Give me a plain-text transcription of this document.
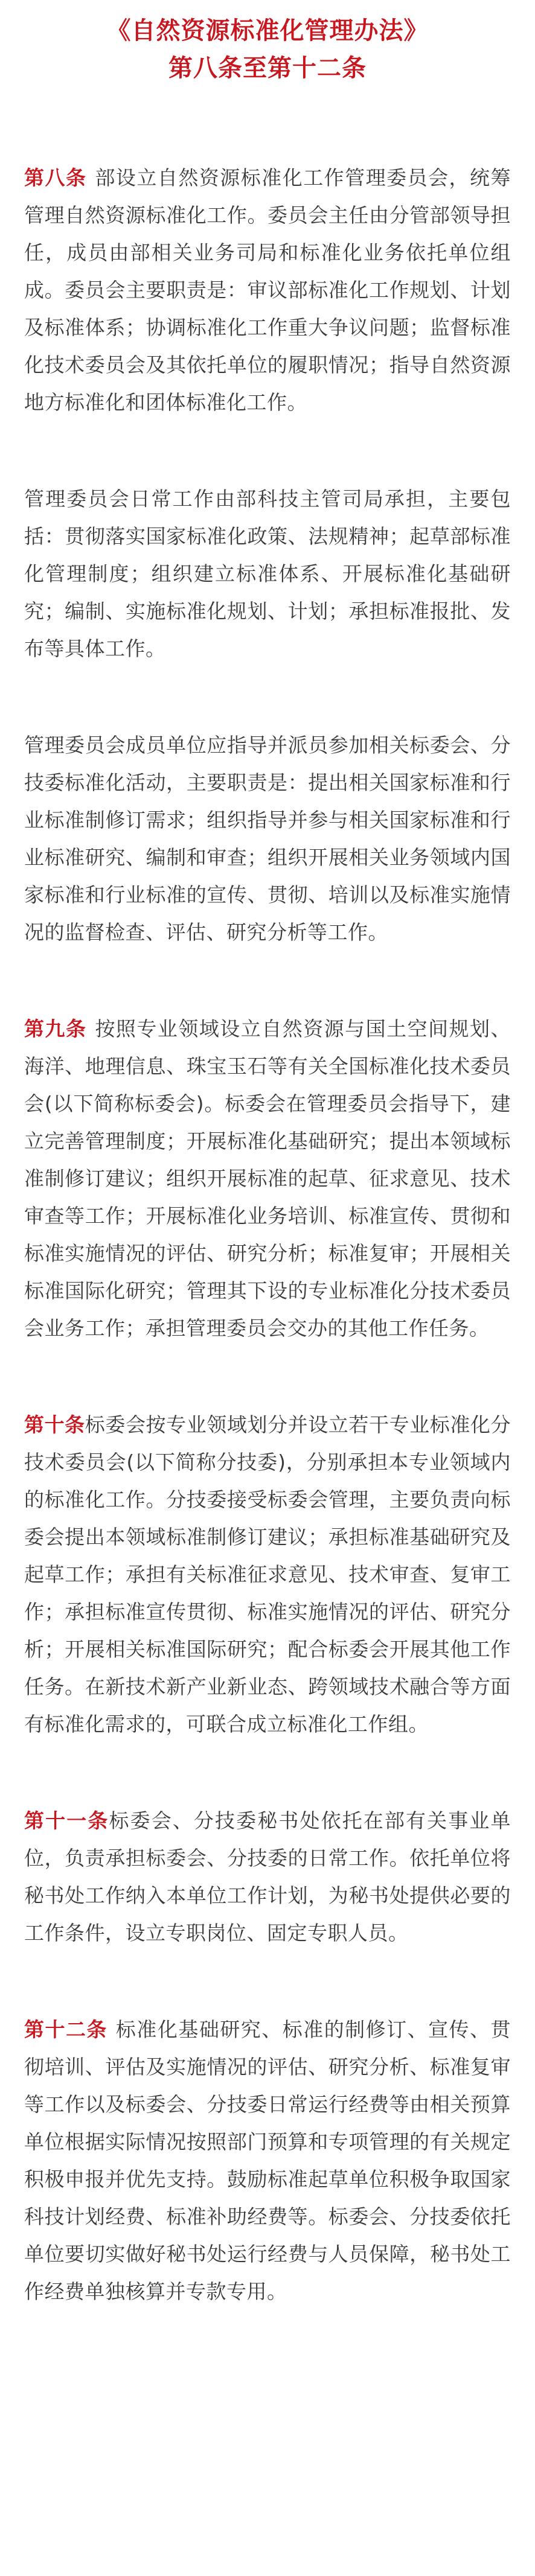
《自然资源标准化管理办法》
第八条至第十二条

第八条 部设立自然资源标准化工作管理委员会，统筹管理自然资源标准化工作。委员会主任由分管部领导担任，成员由部相关业务司局和标准化业务依托单位组成。委员会主要职责是：审议部标准化工作规划、计划及标准体系；协调标准化工作重大争议问题；监督标准化技术委员会及其依托单位的履职情况；指导自然资源地方标准化和团体标准化工作。

管理委员会日常工作由部科技主管司局承担，主要包括：贯彻落实国家标准化政策、法规精神；起草部标准化管理制度；组织建立标准体系、开展标准化基础研究；编制、实施标准化规划、计划；承担标准报批、发布等具体工作。

管理委员会成员单位应指导并派员参加相关标委会、分技委标准化活动，主要职责是：提出相关国家标准和行业标准制修订需求；组织指导并参与相关国家标准和行业标准研究、编制和审查；组织开展相关业务领域内国家标准和行业标准的宣传、贯彻、培训以及标准实施情况的监督检查、评估、研究分析等工作。

第九条 按照专业领域设立自然资源与国土空间规划、海洋、地理信息、珠宝玉石等有关全国标准化技术委员会(以下简称标委会)。标委会在管理委员会指导下，建立完善管理制度；开展标准化基础研究；提出本领域标准制修订建议；组织开展标准的起草、征求意见、技术审查等工作；开展标准化业务培训、标准宣传、贯彻和标准实施情况的评估、研究分析；标准复审；开展相关标准国际化研究；管理其下设的专业标准化分技术委员会业务工作；承担管理委员会交办的其他工作任务。

第十条标委会按专业领域划分并设立若干专业标准化分技术委员会(以下简称分技委)，分别承担本专业领域内的标准化工作。分技委接受标委会管理，主要负责向标委会提出本领域标准制修订建议；承担标准基础研究及起草工作；承担有关标准征求意见、技术审查、复审工作；承担标准宣传贯彻、标准实施情况的评估、研究分析；开展相关标准国际研究；配合标委会开展其他工作任务。在新技术新产业新业态、跨领域技术融合等方面有标准化需求的，可联合成立标准化工作组。

第十一条标委会、分技委秘书处依托在部有关事业单位，负责承担标委会、分技委的日常工作。依托单位将秘书处工作纳入本单位工作计划，为秘书处提供必要的工作条件，设立专职岗位、固定专职人员。

第十二条 标准化基础研究、标准的制修订、宣传、贯彻培训、评估及实施情况的评估、研究分析、标准复审等工作以及标委会、分技委日常运行经费等由相关预算单位根据实际情况按照部门预算和专项管理的有关规定积极申报并优先支持。鼓励标准起草单位积极争取国家科技计划经费、标准补助经费等。标委会、分技委依托单位要切实做好秘书处运行经费与人员保障，秘书处工作经费单独核算并专款专用。
